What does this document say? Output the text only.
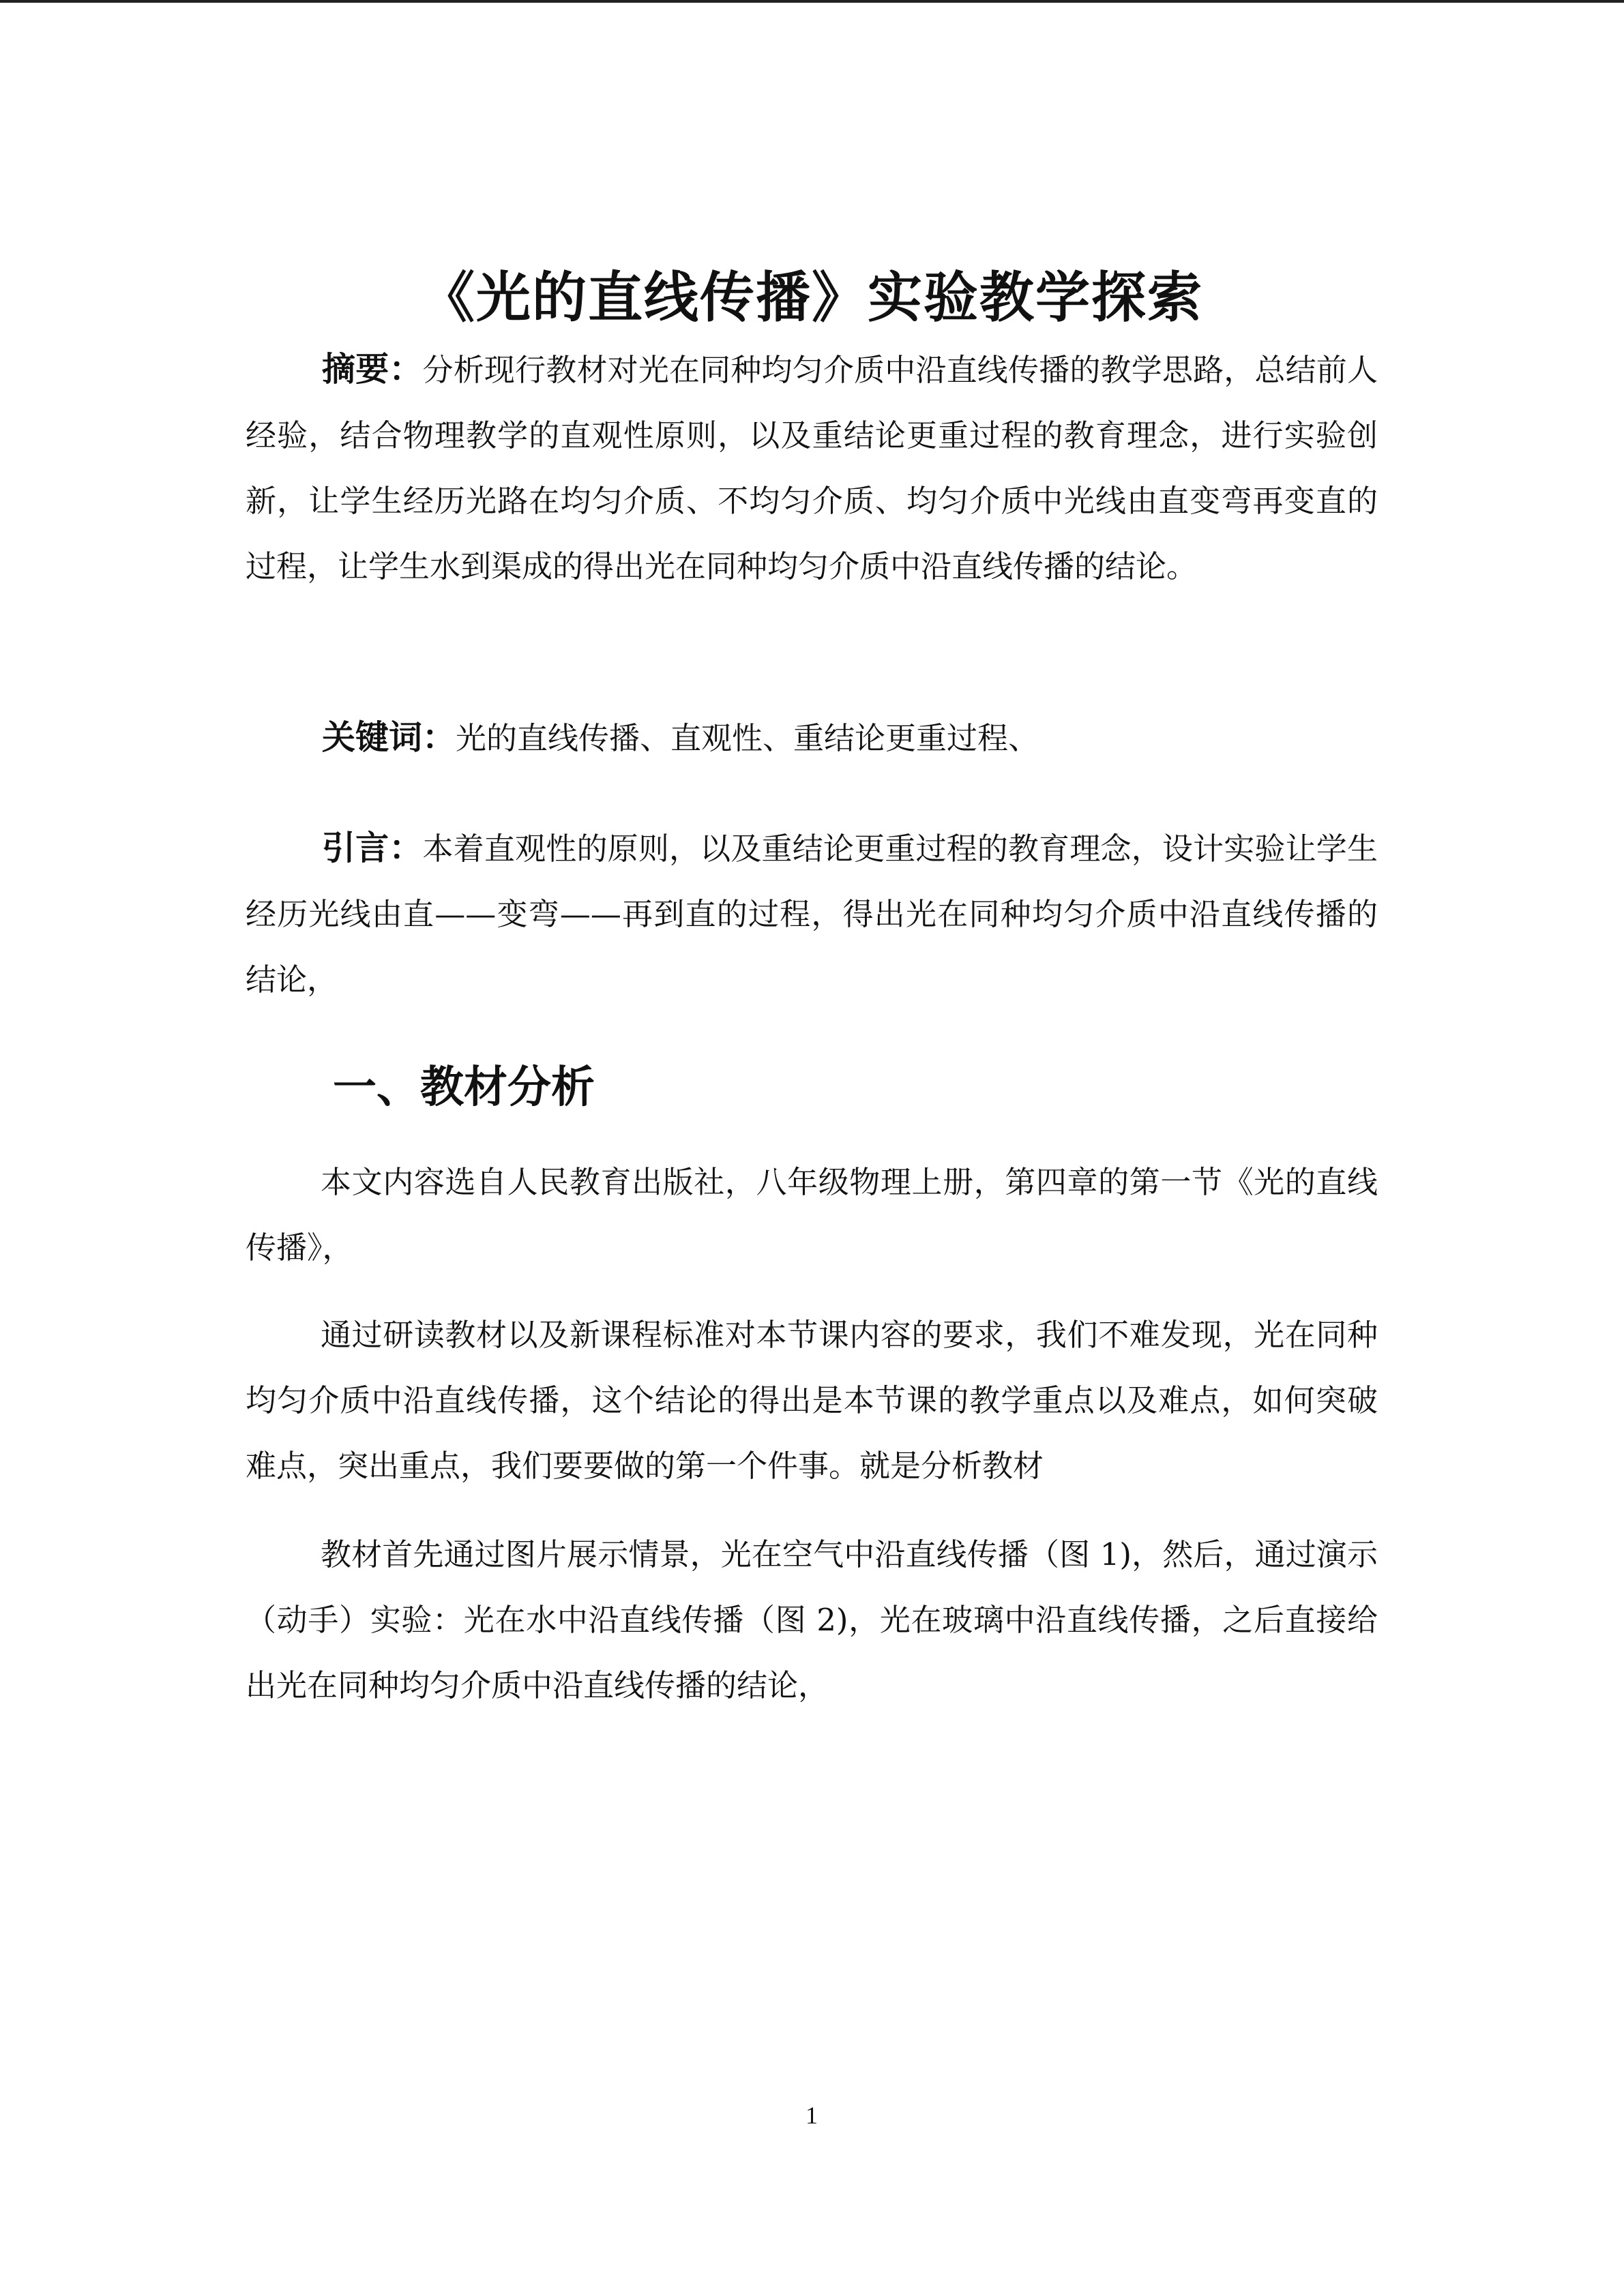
《光的直线传播》实验教学探索

摘要：分析现行教材对光在同种均匀介质中沿直线传播的教学思路，总结前人经验，结合物理教学的直观性原则，以及重结论更重过程的教育理念，进行实验创新，让学生经历光路在均匀介质、不均匀介质、均匀介质中光线由直变弯再变直的 过程，让学生水到渠成的得出光在同种均匀介质中沿直线传播的结论。

关键词：光的直线传播、直观性、重结论更重过程、

引言：本着直观性的原则，以及重结论更重过程的教育理念，设计实验让学生经历光线由直——变弯——再到直的过程，得出光在同种均匀介质中沿直线传播的结论，

一、教材分析

本文内容选自人民教育出版社，八年级物理上册，第四章的第一节《光的直线传播》，

通过研读教材以及新课程标准对本节课内容的要求，我们不难发现，光在同种均匀介质中沿直线传播，这个结论的得出是本节课的教学重点以及难点，如何突破难点，突出重点，我们要要做的第一个件事。就是分析教材

教材首先通过图片展示情景，光在空气中沿直线传播（图 1)，然后，通过演示（动手）实验：光在水中沿直线传播（图 2)，光在玻璃中沿直线传播，之后直接给出光在同种均匀介质中沿直线传播的结论，

1
